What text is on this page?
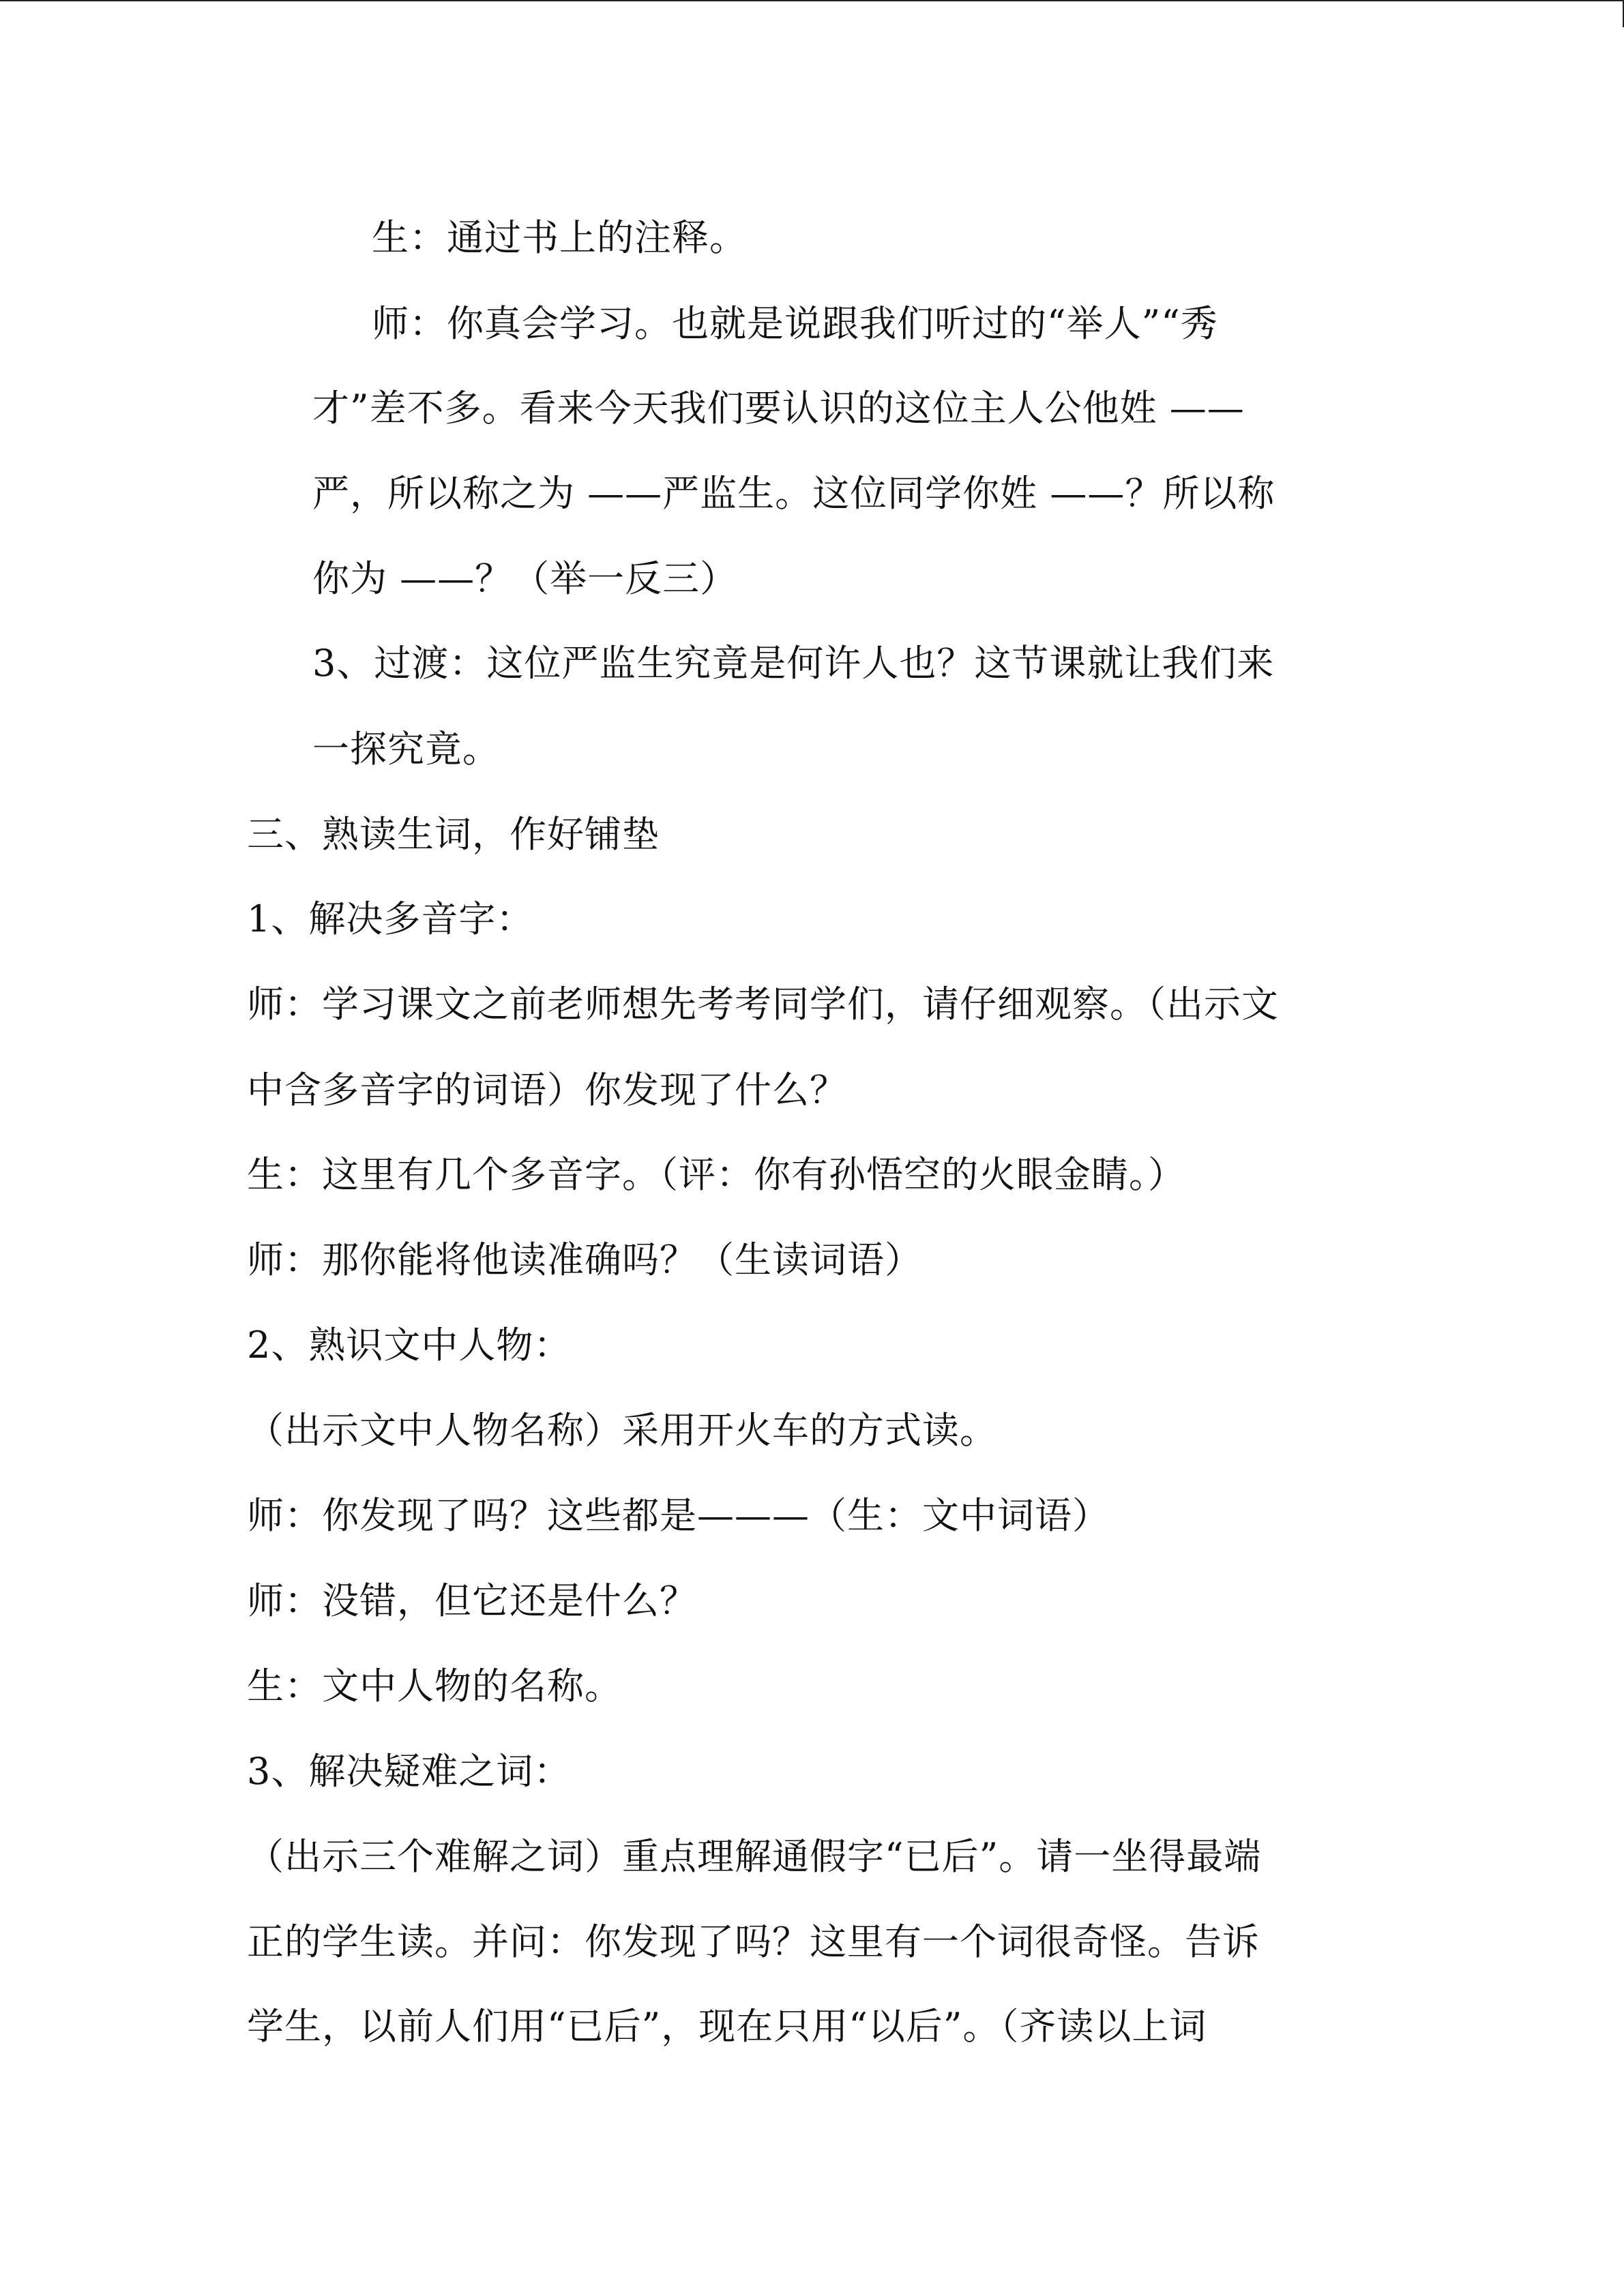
生：通过书上的注释。
师：你真会学习。也就是说跟我们听过的“举人”“秀
才”差不多。看来今天我们要认识的这位主人公他姓 ——
严，所以称之为 ——严监生。这位同学你姓 ——？所以称
你为 ——？（举一反三）
3、过渡：这位严监生究竟是何许人也？这节课就让我们来
一探究竟。
三、熟读生词，作好铺垫
1、解决多音字：
师：学习课文之前老师想先考考同学们，请仔细观察。（出示文
中含多音字的词语）你发现了什么？
生：这里有几个多音字。（评：你有孙悟空的火眼金睛。）
师：那你能将他读准确吗？（生读词语）
2、熟识文中人物：
（出示文中人物名称）采用开火车的方式读。
师：你发现了吗？这些都是———（生：文中词语）
师：没错，但它还是什么？
生：文中人物的名称。
3、解决疑难之词：
（出示三个难解之词）重点理解通假字“已后”。请一坐得最端
正的学生读。并问：你发现了吗？这里有一个词很奇怪。告诉
学生，以前人们用“已后”，现在只用“以后”。（齐读以上词
